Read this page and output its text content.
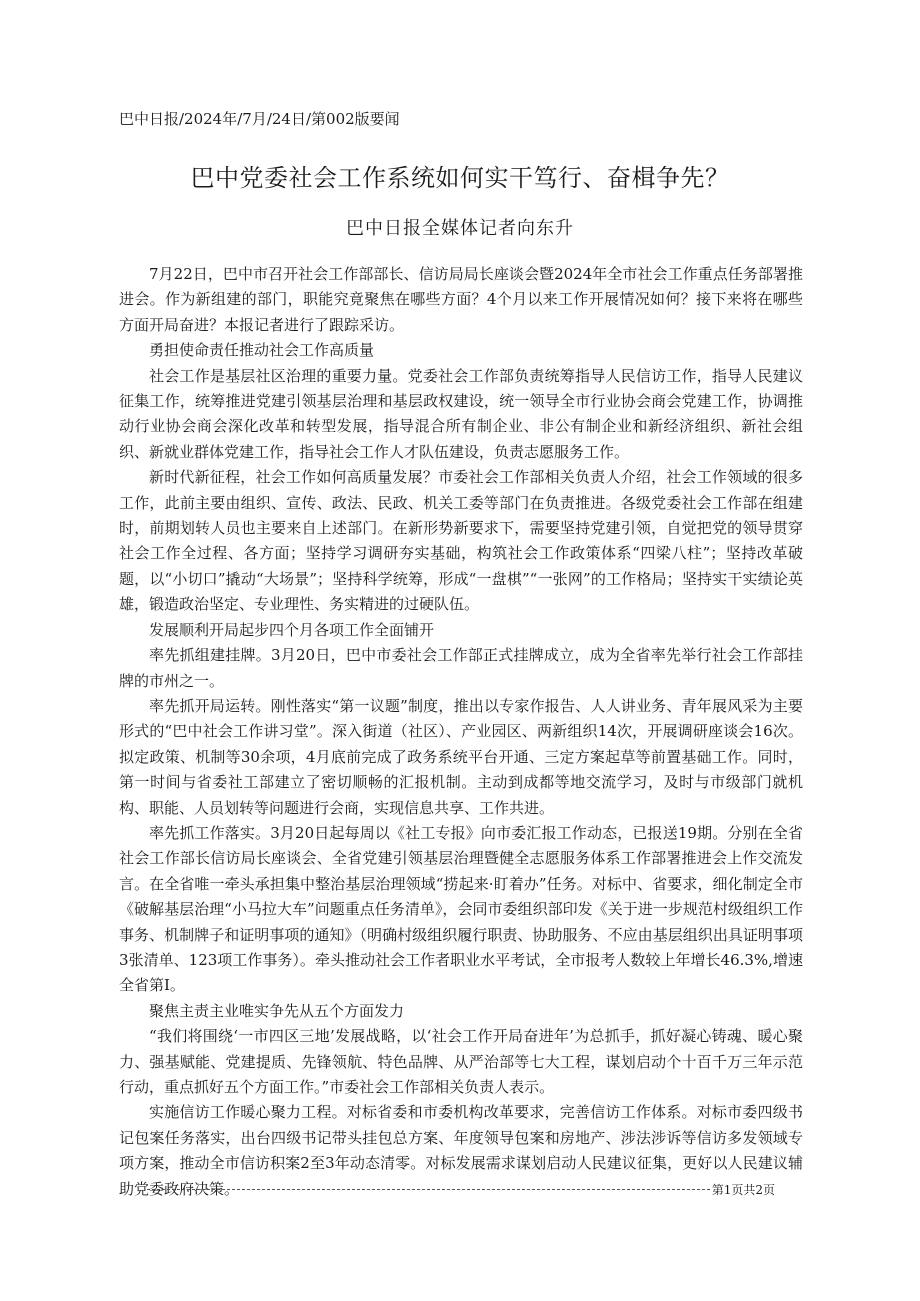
巴中日报/2024年/7月/24日/第002版要闻
巴中党委社会工作系统如何实干笃行、奋楫争先？
巴中日报全媒体记者向东升

7月22日，巴中市召开社会工作部部长、信访局局长座谈会暨2024年全市社会工作重点任务部署推进会。作为新组建的部门，职能究竟聚焦在哪些方面？4个月以来工作开展情况如何？接下来将在哪些方面开局奋进？本报记者进行了跟踪采访。

勇担使命责任推动社会工作高质量

社会工作是基层社区治理的重要力量。党委社会工作部负责统筹指导人民信访工作，指导人民建议征集工作，统筹推进党建引领基层治理和基层政权建设，统一领导全市行业协会商会党建工作，协调推动行业协会商会深化改革和转型发展，指导混合所有制企业、非公有制企业和新经济组织、新社会组织、新就业群体党建工作，指导社会工作人才队伍建设，负责志愿服务工作。

新时代新征程，社会工作如何高质量发展？市委社会工作部相关负责人介绍，社会工作领域的很多工作，此前主要由组织、宣传、政法、民政、机关工委等部门在负责推进。各级党委社会工作部在组建时，前期划转人员也主要来自上述部门。在新形势新要求下，需要坚持党建引领，自觉把党的领导贯穿社会工作全过程、各方面；坚持学习调研夯实基础，构筑社会工作政策体系“四梁八柱”；坚持改革破题，以“小切口”撬动“大场景”；坚持科学统筹，形成“一盘棋”“一张网”的工作格局；坚持实干实绩论英雄，锻造政治坚定、专业理性、务实精进的过硬队伍。

发展顺利开局起步四个月各项工作全面铺开

率先抓组建挂牌。3月20日，巴中市委社会工作部正式挂牌成立，成为全省率先举行社会工作部挂牌的市州之一。

率先抓开局运转。刚性落实“第一议题”制度，推出以专家作报告、人人讲业务、青年展风采为主要形式的“巴中社会工作讲习堂”。深入街道（社区）、产业园区、两新组织14次，开展调研座谈会16次。拟定政策、机制等30余项，4月底前完成了政务系统平台开通、三定方案起草等前置基础工作。同时，第一时间与省委社工部建立了密切顺畅的汇报机制。主动到成都等地交流学习，及时与市级部门就机构、职能、人员划转等问题进行会商，实现信息共享、工作共进。

率先抓工作落实。3月20日起每周以《社工专报》向市委汇报工作动态，已报送19期。分别在全省社会工作部长信访局长座谈会、全省党建引领基层治理暨健全志愿服务体系工作部署推进会上作交流发言。在全省唯一牵头承担集中整治基层治理领域“捞起来·盯着办”任务。对标中、省要求，细化制定全市《破解基层治理“小马拉大车”问题重点任务清单》，会同市委组织部印发《关于进一步规范村级组织工作事务、机制牌子和证明事项的通知》（明确村级组织履行职责、协助服务、不应由基层组织出具证明事项3张清单、123项工作事务）。牵头推动社会工作者职业水平考试，全市报考人数较上年增长46.3%,增速全省第I。

聚焦主责主业唯实争先从五个方面发力

“我们将围绕‘一市四区三地’发展战略，以‘社会工作开局奋进年’为总抓手，抓好凝心铸魂、暖心聚力、强基赋能、党建提质、先锋领航、特色品牌、从严治部等七大工程，谋划启动个十百千万三年示范行动，重点抓好五个方面工作。”市委社会工作部相关负责人表示。

实施信访工作暖心聚力工程。对标省委和市委机构改革要求，完善信访工作体系。对标市委四级书记包案任务落实，出台四级书记带头挂包总方案、年度领导包案和房地产、涉法涉诉等信访多发领域专项方案，推动全市信访积案2至3年动态清零。对标发展需求谋划启动人民建议征集，更好以人民建议辅助党委政府决策。	第1页共2页
